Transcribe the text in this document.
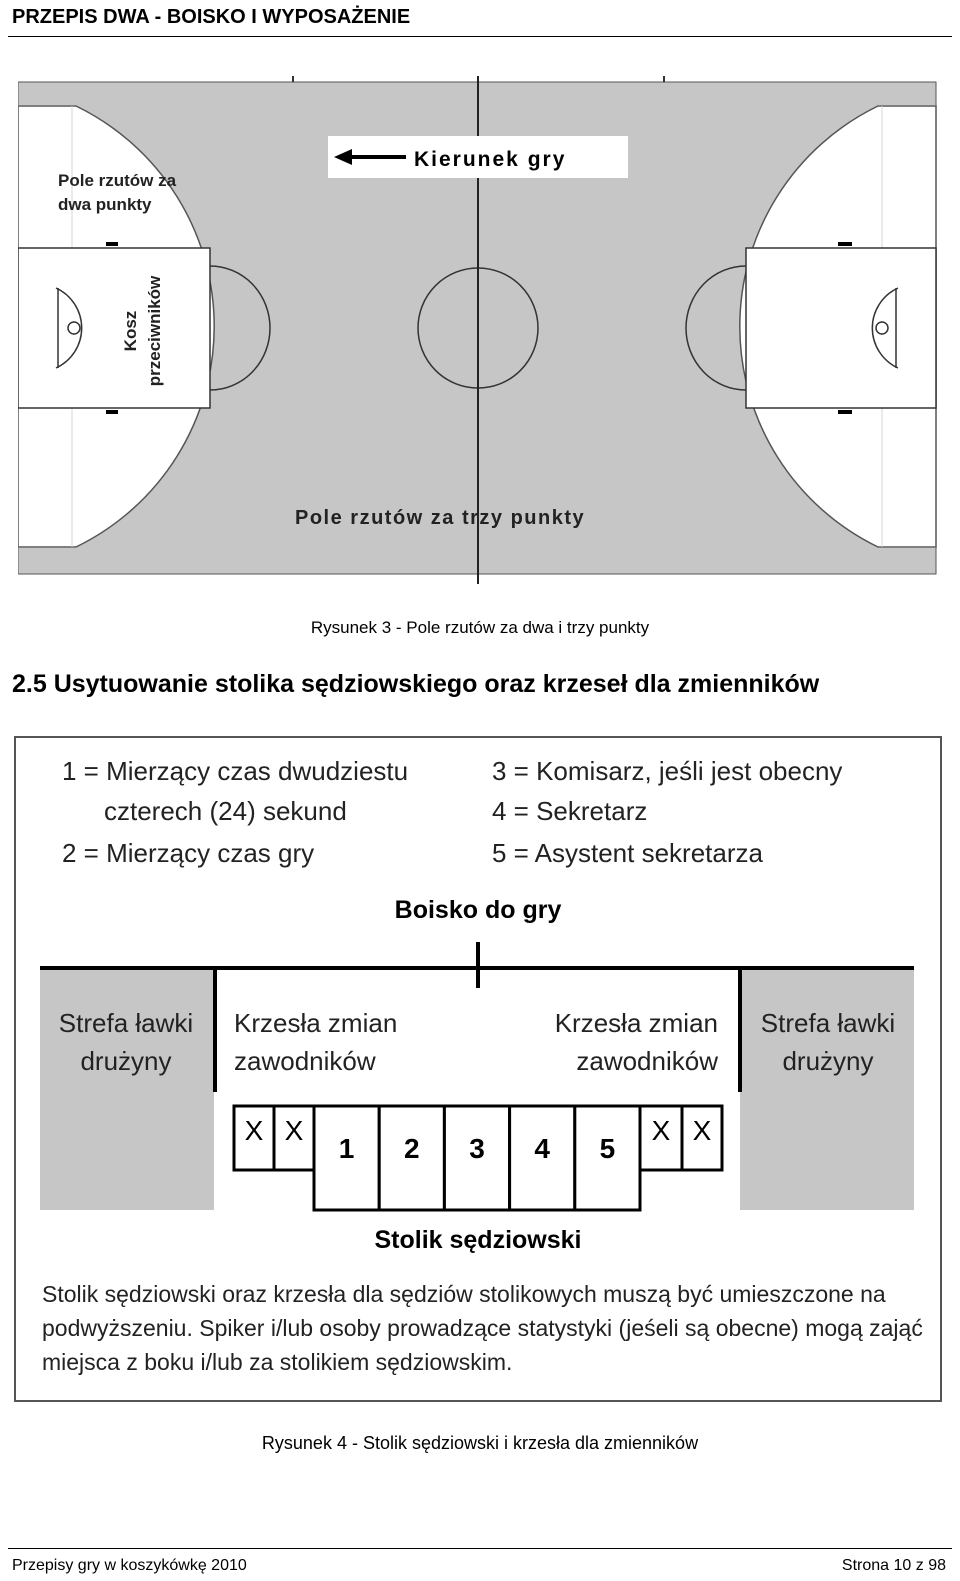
PRZEPIS DWA - BOISKO I WYPOSAŻENIE
Kierunek gry
Pole rzutów za
dwa punkty
Kosz przeciwników
Pole rzutów za trzy punkty
Rysunek 3 - Pole rzutów za dwa i trzy punkty
2.5 Usytuowanie stolika sędziowskiego oraz krzeseł dla zmienników
1 = Mierzący czas dwudziestu
czterech (24) sekund
2 = Mierzący czas gry
3 = Komisarz, jeśli jest obecny
4 = Sekretarz
5 = Asystent sekretarza
Boisko do gry
Strefa ławki
drużyny
Strefa ławki
drużyny
Krzesła zmian
zawodników
Krzesła zmian
zawodników
X X	X X
1 2 3 4 5
Stolik sędziowski
Stolik sędziowski oraz krzesła dla sędziów stolikowych muszą być umieszczone na
podwyższeniu. Spiker i/lub osoby prowadzące statystyki (jeśeli są obecne) mogą zająć
miejsca z boku i/lub za stolikiem sędziowskim.
Rysunek 4 - Stolik sędziowski i krzesła dla zmienników
Przepisy gry w koszykówkę 2010	Strona 10 z 98
